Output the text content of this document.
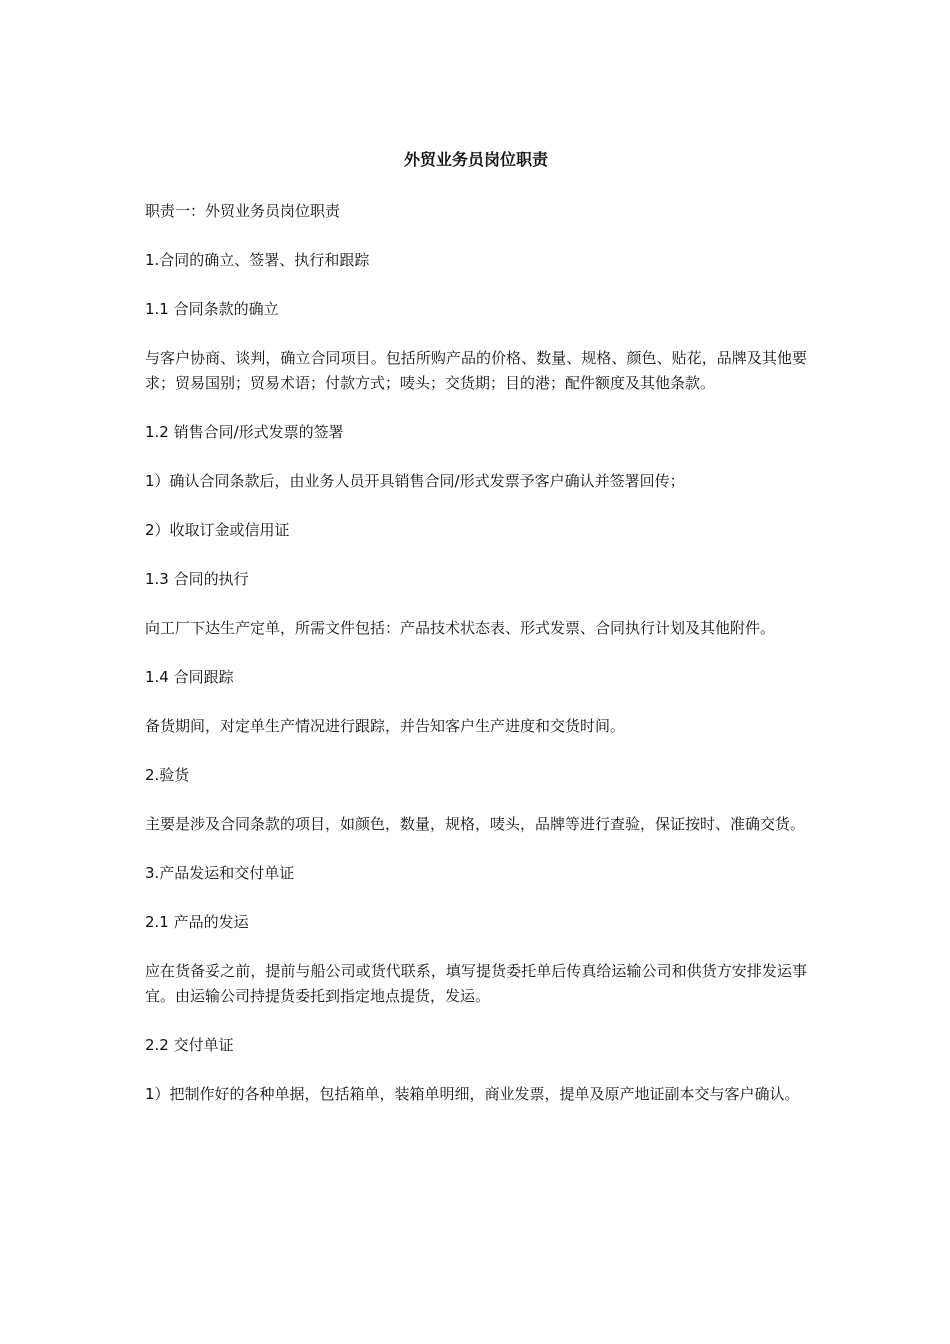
外贸业务员岗位职责

职责一：外贸业务员岗位职责

1.合同的确立、签署、执行和跟踪

1.1 合同条款的确立

与客户协商、谈判，确立合同项目。包括所购产品的价格、数量、规格、颜色、贴花，品牌及其他要求；贸易国别；贸易术语；付款方式；唛头；交货期；目的港；配件额度及其他条款。

1.2 销售合同/形式发票的签署

1）确认合同条款后，由业务人员开具销售合同/形式发票予客户确认并签署回传；

2）收取订金或信用证

1.3 合同的执行

向工厂下达生产定单，所需文件包括：产品技术状态表、形式发票、合同执行计划及其他附件。

1.4 合同跟踪

备货期间，对定单生产情况进行跟踪，并告知客户生产进度和交货时间。

2.验货

主要是涉及合同条款的项目，如颜色，数量，规格，唛头，品牌等进行查验，保证按时、准确交货。

3.产品发运和交付单证

2.1 产品的发运

应在货备妥之前，提前与船公司或货代联系，填写提货委托单后传真给运输公司和供货方安排发运事宜。由运输公司持提货委托到指定地点提货，发运。

2.2 交付单证

1）把制作好的各种单据，包括箱单，装箱单明细，商业发票，提单及原产地证副本交与客户确认。
